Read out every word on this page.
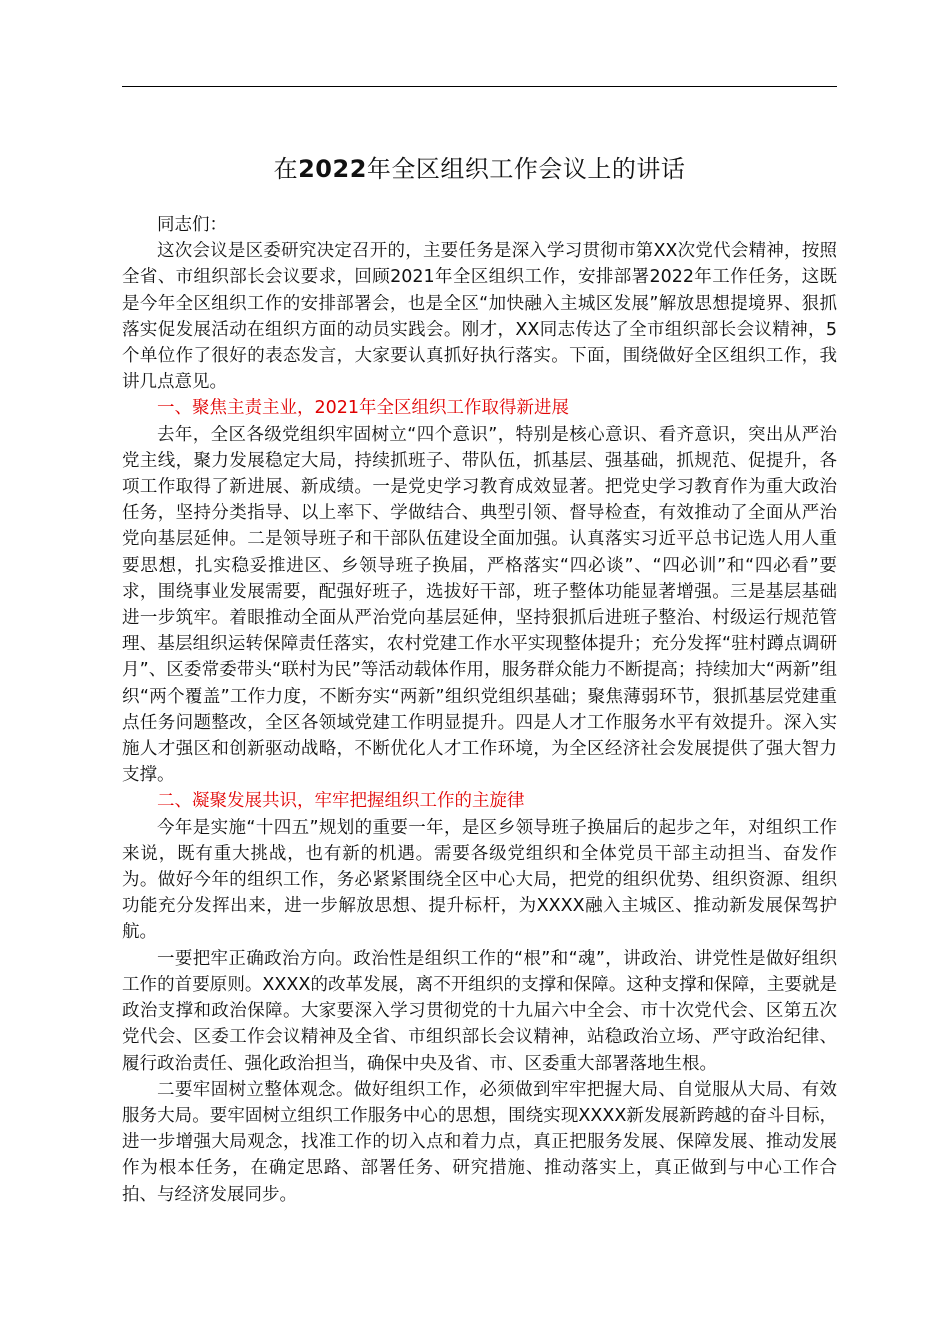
在2022年全区组织工作会议上的讲话

同志们：

这次会议是区委研究决定召开的，主要任务是深入学习贯彻市第XX次党代会精神，按照全省、市组织部长会议要求，回顾2021年全区组织工作，安排部署2022年工作任务，这既是今年全区组织工作的安排部署会，也是全区“加快融入主城区发展”解放思想提境界、狠抓落实促发展活动在组织方面的动员实践会。刚才，XX同志传达了全市组织部长会议精神，5个单位作了很好的表态发言，大家要认真抓好执行落实。下面，围绕做好全区组织工作，我讲几点意见。

一、聚焦主责主业，2021年全区组织工作取得新进展

去年，全区各级党组织牢固树立“四个意识”，特别是核心意识、看齐意识，突出从严治党主线，聚力发展稳定大局，持续抓班子、带队伍，抓基层、强基础，抓规范、促提升，各项工作取得了新进展、新成绩。一是党史学习教育成效显著。把党史学习教育作为重大政治任务，坚持分类指导、以上率下、学做结合、典型引领、督导检查，有效推动了全面从严治党向基层延伸。二是领导班子和干部队伍建设全面加强。认真落实习近平总书记选人用人重要思想，扎实稳妥推进区、乡领导班子换届，严格落实“四必谈”、“四必训”和“四必看”要求，围绕事业发展需要，配强好班子，选拔好干部，班子整体功能显著增强。三是基层基础进一步筑牢。着眼推动全面从严治党向基层延伸，坚持狠抓后进班子整治、村级运行规范管理、基层组织运转保障责任落实，农村党建工作水平实现整体提升；充分发挥“驻村蹲点调研月”、区委常委带头“联村为民”等活动载体作用，服务群众能力不断提高；持续加大“两新”组织“两个覆盖”工作力度，不断夯实“两新”组织党组织基础；聚焦薄弱环节，狠抓基层党建重点任务问题整改，全区各领域党建工作明显提升。四是人才工作服务水平有效提升。深入实施人才强区和创新驱动战略，不断优化人才工作环境，为全区经济社会发展提供了强大智力支撑。

二、凝聚发展共识，牢牢把握组织工作的主旋律

今年是实施“十四五”规划的重要一年，是区乡领导班子换届后的起步之年，对组织工作来说，既有重大挑战，也有新的机遇。需要各级党组织和全体党员干部主动担当、奋发作为。做好今年的组织工作，务必紧紧围绕全区中心大局，把党的组织优势、组织资源、组织功能充分发挥出来，进一步解放思想、提升标杆，为XXXX融入主城区、推动新发展保驾护航。

一要把牢正确政治方向。政治性是组织工作的“根”和“魂”，讲政治、讲党性是做好组织工作的首要原则。XXXX的改革发展，离不开组织的支撑和保障。这种支撑和保障，主要就是政治支撑和政治保障。大家要深入学习贯彻党的十九届六中全会、市十次党代会、区第五次党代会、区委工作会议精神及全省、市组织部长会议精神，站稳政治立场、严守政治纪律、履行政治责任、强化政治担当，确保中央及省、市、区委重大部署落地生根。

二要牢固树立整体观念。做好组织工作，必须做到牢牢把握大局、自觉服从大局、有效服务大局。要牢固树立组织工作服务中心的思想，围绕实现XXXX新发展新跨越的奋斗目标，进一步增强大局观念，找准工作的切入点和着力点，真正把服务发展、保障发展、推动发展作为根本任务，在确定思路、部署任务、研究措施、推动落实上，真正做到与中心工作合拍、与经济发展同步。
